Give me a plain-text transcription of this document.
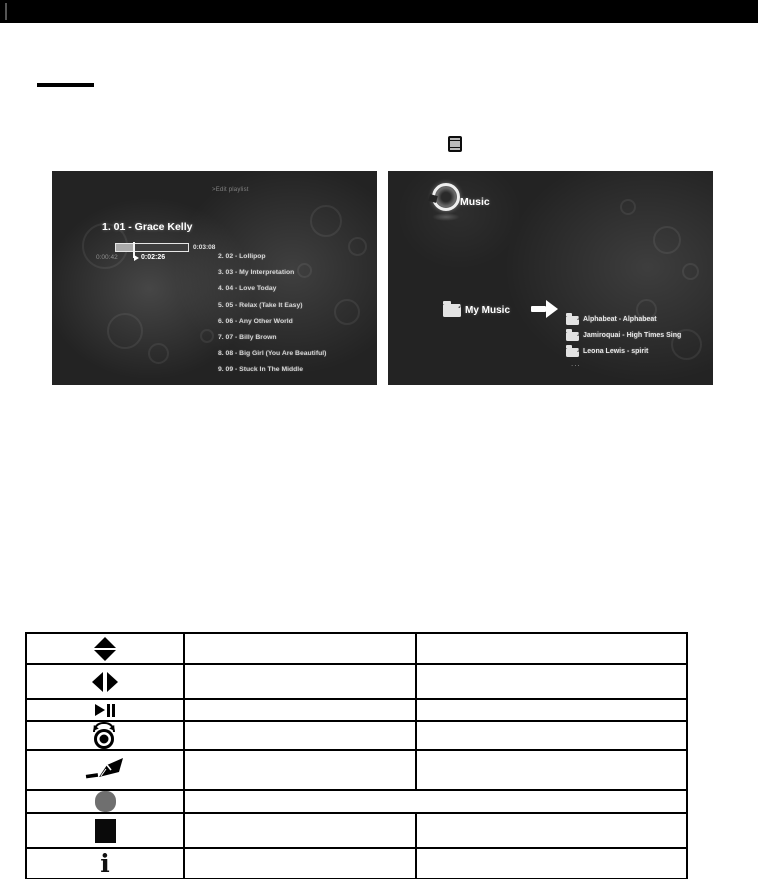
>Edit playlist
1. 01 - Grace Kelly
0:03:08
0:00:42	0:02:26	2. 02 - Lollipop
3. 03 - My Interpretation
4. 04 - Love Today
5. 05 - Relax (Take It Easy)
6. 06 - Any Other World
7. 07 - Billy Brown
8. 08 - Big Girl (You Are Beautiful)
9. 09 - Stuck In The Middle
Music
♪ My Music
♪ Alphabeat - Alphabeat
♪ Jamiroquai - High Times Sing
♪ Leona Lewis - spirit
...

i		
